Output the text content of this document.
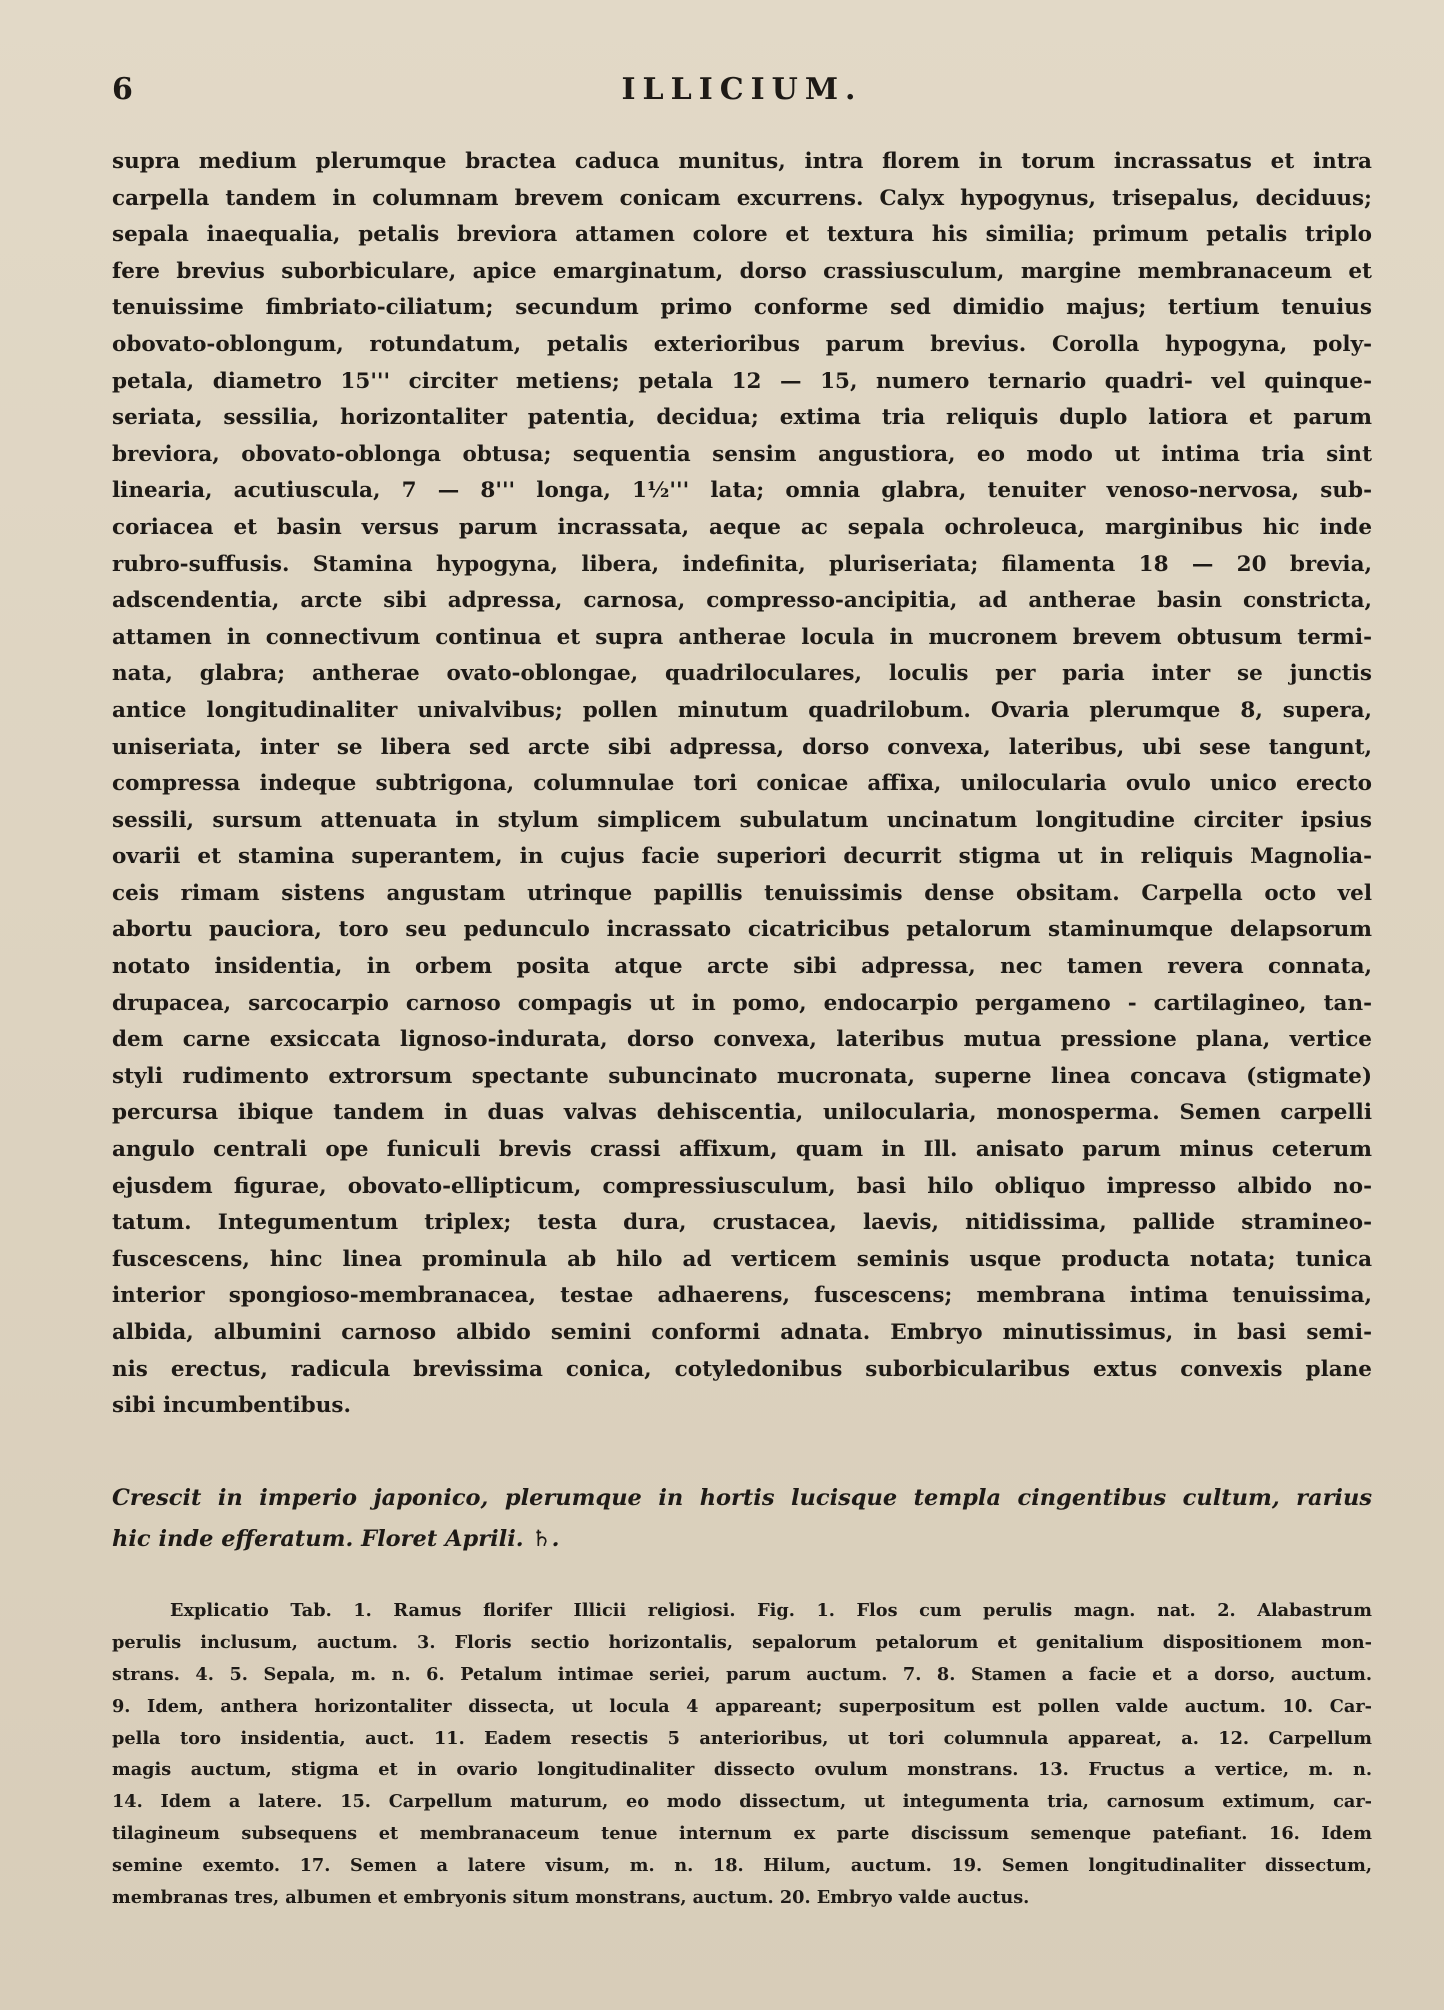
6	ILLICIUM.
supra medium plerumque bractea caduca munitus, intra florem in torum incrassatus et intra
carpella tandem in columnam brevem conicam excurrens. Calyx hypogynus, trisepalus, deciduus;
sepala inaequalia, petalis breviora attamen colore et textura his similia; primum petalis triplo
fere brevius suborbiculare, apice emarginatum, dorso crassiusculum, margine membranaceum et
tenuissime fimbriato-ciliatum; secundum primo conforme sed dimidio majus; tertium tenuius
obovato-oblongum, rotundatum, petalis exterioribus parum brevius. Corolla hypogyna, poly-
petala, diametro 15''' circiter metiens; petala 12 — 15, numero ternario quadri- vel quinque-
seriata, sessilia, horizontaliter patentia, decidua; extima tria reliquis duplo latiora et parum
breviora, obovato-oblonga obtusa; sequentia sensim angustiora, eo modo ut intima tria sint
linearia, acutiuscula, 7 — 8''' longa, 1½''' lata; omnia glabra, tenuiter venoso-nervosa, sub-
coriacea et basin versus parum incrassata, aeque ac sepala ochroleuca, marginibus hic inde
rubro-suffusis. Stamina hypogyna, libera, indefinita, pluriseriata; filamenta 18 — 20 brevia,
adscendentia, arcte sibi adpressa, carnosa, compresso-ancipitia, ad antherae basin constricta,
attamen in connectivum continua et supra antherae locula in mucronem brevem obtusum termi-
nata, glabra; antherae ovato-oblongae, quadriloculares, loculis per paria inter se junctis
antice longitudinaliter univalvibus; pollen minutum quadrilobum. Ovaria plerumque 8, supera,
uniseriata, inter se libera sed arcte sibi adpressa, dorso convexa, lateribus, ubi sese tangunt,
compressa indeque subtrigona, columnulae tori conicae affixa, unilocularia ovulo unico erecto
sessili, sursum attenuata in stylum simplicem subulatum uncinatum longitudine circiter ipsius
ovarii et stamina superantem, in cujus facie superiori decurrit stigma ut in reliquis Magnolia-
ceis rimam sistens angustam utrinque papillis tenuissimis dense obsitam. Carpella octo vel
abortu pauciora, toro seu pedunculo incrassato cicatricibus petalorum staminumque delapsorum
notato insidentia, in orbem posita atque arcte sibi adpressa, nec tamen revera connata,
drupacea, sarcocarpio carnoso compagis ut in pomo, endocarpio pergameno - cartilagineo, tan-
dem carne exsiccata lignoso-indurata, dorso convexa, lateribus mutua pressione plana, vertice
styli rudimento extrorsum spectante subuncinato mucronata, superne linea concava (stigmate)
percursa ibique tandem in duas valvas dehiscentia, unilocularia, monosperma. Semen carpelli
angulo centrali ope funiculi brevis crassi affixum, quam in Ill. anisato parum minus ceterum
ejusdem figurae, obovato-ellipticum, compressiusculum, basi hilo obliquo impresso albido no-
tatum. Integumentum triplex; testa dura, crustacea, laevis, nitidissima, pallide stramineo-
fuscescens, hinc linea prominula ab hilo ad verticem seminis usque producta notata; tunica
interior spongioso-membranacea, testae adhaerens, fuscescens; membrana intima tenuissima,
albida, albumini carnoso albido semini conformi adnata. Embryo minutissimus, in basi semi-
nis erectus, radicula brevissima conica, cotyledonibus suborbicularibus extus convexis plane
sibi incumbentibus.
Crescit in imperio japonico, plerumque in hortis lucisque templa cingentibus cultum, rarius
hic inde efferatum. Floret Aprili. ♄.
Explicatio Tab. 1. Ramus florifer Illicii religiosi. Fig. 1. Flos cum perulis magn. nat. 2. Alabastrum
perulis inclusum, auctum. 3. Floris sectio horizontalis, sepalorum petalorum et genitalium dispositionem mon-
strans. 4. 5. Sepala, m. n. 6. Petalum intimae seriei, parum auctum. 7. 8. Stamen a facie et a dorso, auctum.
9. Idem, anthera horizontaliter dissecta, ut locula 4 appareant; superpositum est pollen valde auctum. 10. Car-
pella toro insidentia, auct. 11. Eadem resectis 5 anterioribus, ut tori columnula appareat, a. 12. Carpellum
magis auctum, stigma et in ovario longitudinaliter dissecto ovulum monstrans. 13. Fructus a vertice, m. n.
14. Idem a latere. 15. Carpellum maturum, eo modo dissectum, ut integumenta tria, carnosum extimum, car-
tilagineum subsequens et membranaceum tenue internum ex parte discissum semenque patefiant. 16. Idem
semine exemto. 17. Semen a latere visum, m. n. 18. Hilum, auctum. 19. Semen longitudinaliter dissectum,
membranas tres, albumen et embryonis situm monstrans, auctum. 20. Embryo valde auctus.
